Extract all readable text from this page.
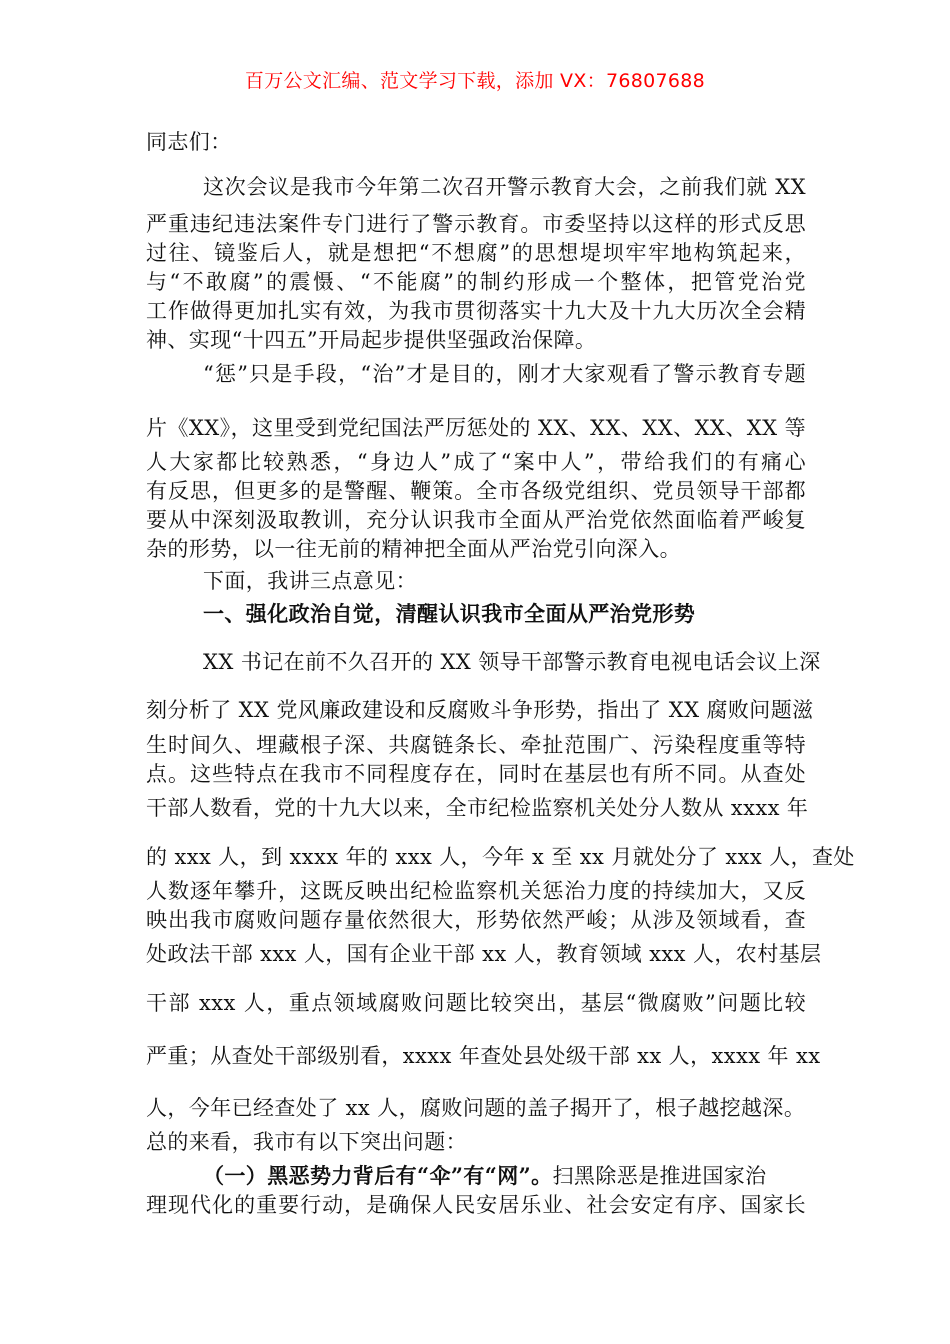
百万公文汇编、范文学习下载，添加 VX：76807688
同志们：
这次会议是我市今年第二次召开警示教育大会，之前我们就 XX
严重违纪违法案件专门进行了警示教育。市委坚持以这样的形式反思
过往、镜鉴后人，就是想把“不想腐”的思想堤坝牢牢地构筑起来，
与“不敢腐”的震慑、“不能腐”的制约形成一个整体，把管党治党
工作做得更加扎实有效，为我市贯彻落实十九大及十九大历次全会精
神、实现“十四五”开局起步提供坚强政治保障。
“惩”只是手段，“治”才是目的，刚才大家观看了警示教育专题
片《XX》，这里受到党纪国法严厉惩处的 XX、XX、XX、XX、XX 等
人大家都比较熟悉，“身边人”成了“案中人”，带给我们的有痛心
有反思，但更多的是警醒、鞭策。全市各级党组织、党员领导干部都
要从中深刻汲取教训，充分认识我市全面从严治党依然面临着严峻复
杂的形势，以一往无前的精神把全面从严治党引向深入。
下面，我讲三点意见：
一、强化政治自觉，清醒认识我市全面从严治党形势
XX 书记在前不久召开的 XX 领导干部警示教育电视电话会议上深
刻分析了 XX 党风廉政建设和反腐败斗争形势，指出了 XX 腐败问题滋
生时间久、埋藏根子深、共腐链条长、牵扯范围广、污染程度重等特
点。这些特点在我市不同程度存在，同时在基层也有所不同。从查处
干部人数看，党的十九大以来，全市纪检监察机关处分人数从 xxxx 年
的 xxx 人，到 xxxx 年的 xxx 人，今年 x 至 xx 月就处分了 xxx 人，查处
人数逐年攀升，这既反映出纪检监察机关惩治力度的持续加大，又反
映出我市腐败问题存量依然很大，形势依然严峻；从涉及领域看，查
处政法干部 xxx 人，国有企业干部 xx 人，教育领域 xxx 人，农村基层
干部 xxx 人，重点领域腐败问题比较突出，基层“微腐败”问题比较
严重；从查处干部级别看，xxxx 年查处县处级干部 xx 人，xxxx 年 xx
人，今年已经查处了 xx 人，腐败问题的盖子揭开了，根子越挖越深。
总的来看，我市有以下突出问题：
（一）黑恶势力背后有“伞”有“网”。扫黑除恶是推进国家治
理现代化的重要行动，是确保人民安居乐业、社会安定有序、国家长
